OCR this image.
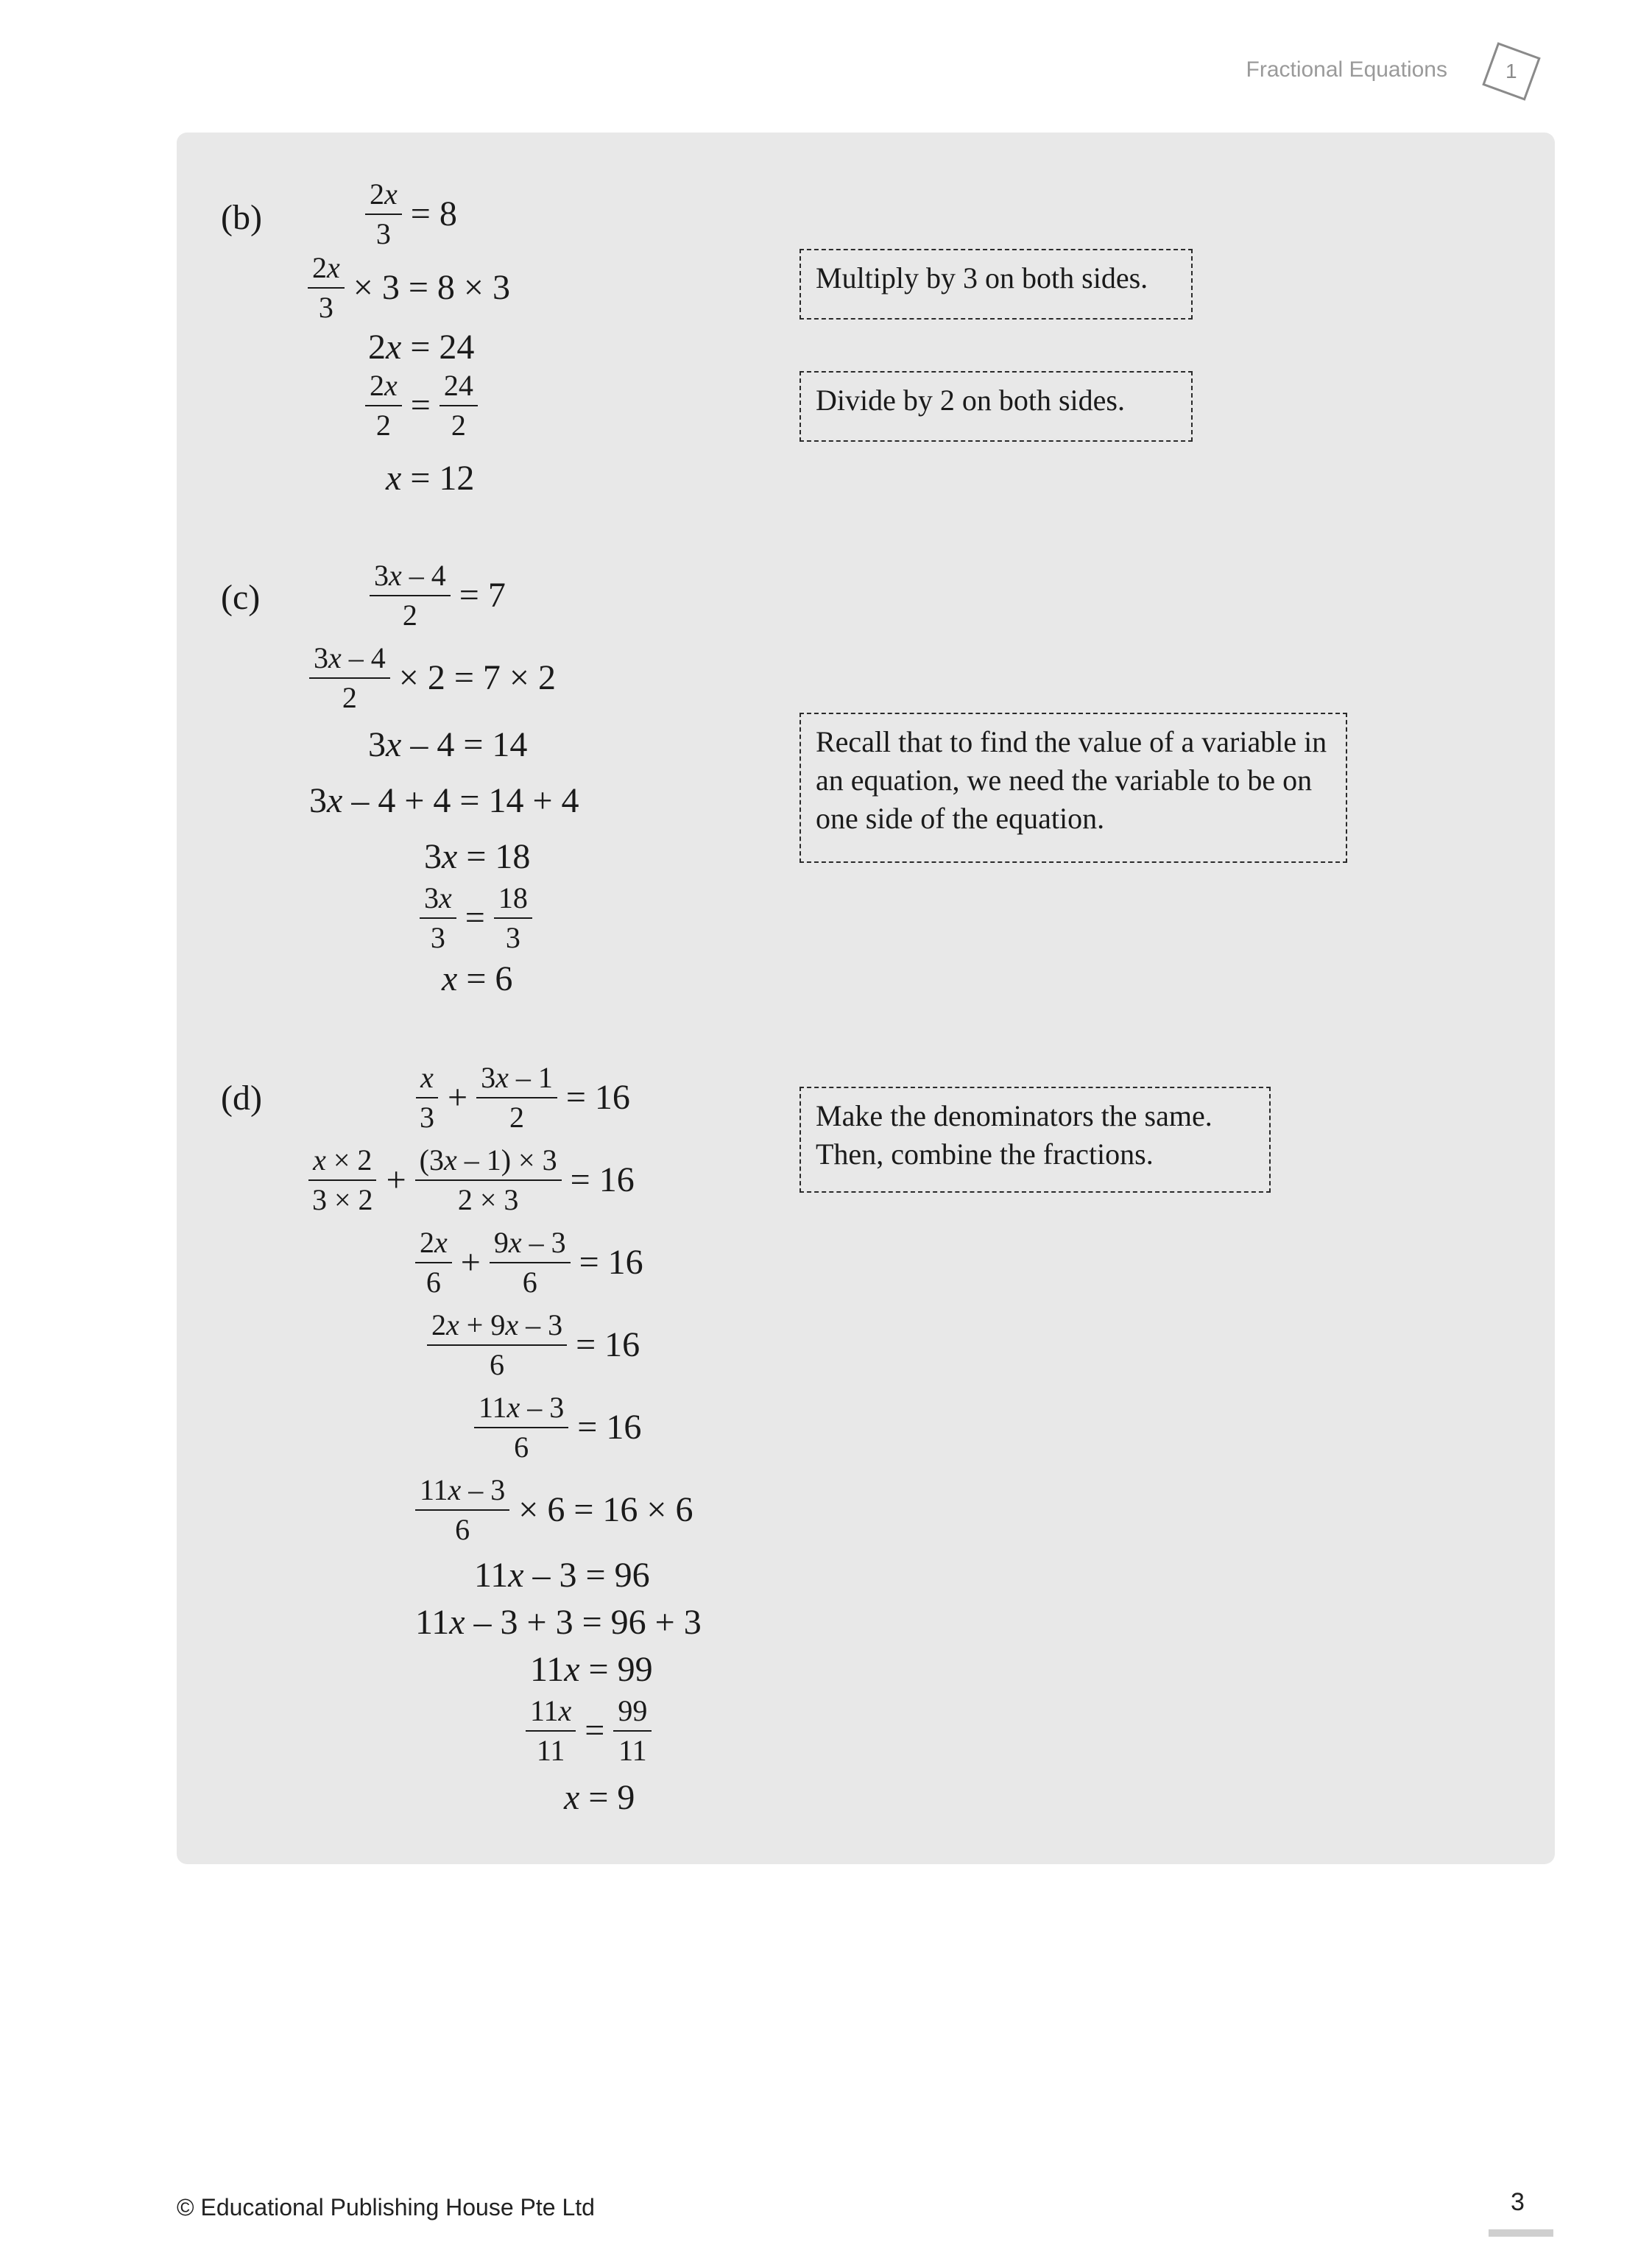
Fractional Equations	1
(b)	$\frac{2x}{3} = 8$
$\frac{2x}{3} \times 3 = 8 \times 3$
2 x = 24
$\frac{2x}{2} = \frac{24}{2}$
x = 12
Multiply by 3 on both sides.
Divide by 2 on both sides.
(c)	$\frac{3x - 4}{2} = 7$
$\frac{3x - 4}{2} \times 2 = 7 \times 2$
3 x – 4 = 14
3 x – 4 + 4 = 14 + 4
3 x = 18
$\frac{3x}{3} = \frac{18}{3}$
x = 6
Recall that to find the value of a variable in an equation, we need the variable to be on one side of the equation.
(d)	$\frac{x}{3} + \frac{3x - 1}{2} = 16$
$\frac{x \times 2}{3 \times 2} + \frac{(3x - 1) \times 3}{2 \times 3} = 16$
$\frac{2x}{6} + \frac{9x - 3}{6} = 16$
$\frac{2x + 9x - 3}{6} = 16$
$\frac{11x - 3}{6} = 16$
$\frac{11x - 3}{6} \times 6 = 16 \times 6$
11 x – 3 = 96
11 x – 3 + 3 = 96 + 3
11 x = 99
$\frac{11x}{11} = \frac{99}{11}$
x = 9
Make the denominators the same. Then, combine the fractions.
© Educational Publishing House Pte Ltd	3
